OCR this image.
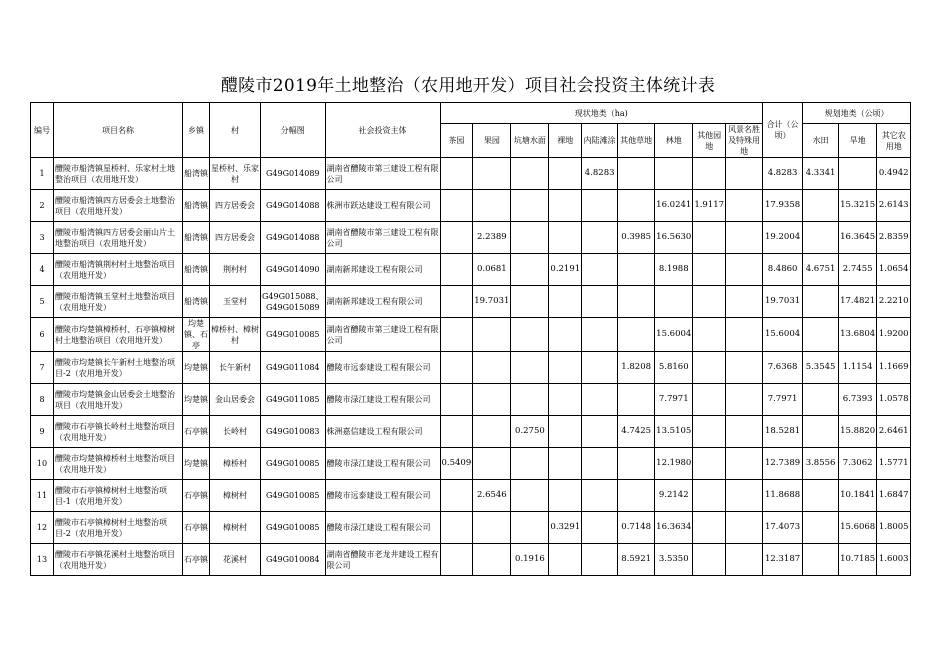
醴陵市2019年土地整治（农用地开发）项目社会投资主体统计表
编号	项目名称	乡镇	村	分幅图	社会投资主体	现状地类（ha)									合计（公顷）	规划地类（公顷）		
						茶园	果园	坑塘水面	裸地	内陆滩涂	其他草地	林地	其他园地	风景名胜及特殊用地		水田	旱地	其它农用地
1	醴陵市船湾镇星桥村、乐家村土地整治项目（农用地开发）	船湾镇	星桥村、乐家村	G49G014089	湖南省醴陵市第三建设工程有限公司					4.8283					4.8283	4.3341		0.4942
2	醴陵市船湾镇四方居委会土地整治项目（农用地开发）	船湾镇	四方居委会	G49G014088	株洲市跃达建设工程有限公司							16.0241	1.9117		17.9358		15.3215	2.6143
3	醴陵市船湾镇四方居委会丽山片土地整治项目（农用地开发）	船湾镇	四方居委会	G49G014088	湖南省醴陵市第三建设工程有限公司		2.2389				0.3985	16.5630			19.2004		16.3645	2.8359
4	醴陵市船湾镇荆村村土地整治项目（农用地开发）	船湾镇	荆村村	G49G014090	湖南新邦建设工程有限公司		0.0681		0.2191			8.1988			8.4860	4.6751	2.7455	1.0654
5	醴陵市船湾镇玉堂村土地整治项目（农用地开发）	船湾镇	玉堂村	G49G015088、G49G015089	湖南新邦建设工程有限公司		19.7031								19.7031		17.4821	2.2210
6	醴陵市均楚镇樟桥村、石亭镇樟树村土地整治项目（农用地开发）	均楚镇、石亭	樟桥村、樟树村	G49G010085	湖南省醴陵市第三建设工程有限公司							15.6004			15.6004		13.6804	1.9200
7	醴陵市均楚镇长午新村土地整治项目-2（农用地开发）	均楚镇	长午新村	G49G011084	醴陵市远泰建设工程有限公司						1.8208	5.8160			7.6368	5.3545	1.1154	1.1669
8	醴陵市均楚镇金山居委会土地整治项目（农用地开发）	均楚镇	金山居委会	G49G011085	醴陵市渌江建设工程有限公司							7.7971			7.7971		6.7393	1.0578
9	醴陵市石亭镇长岭村土地整治项目（农用地开发）	石亭镇	长岭村	G49G010083	株洲嘉信建设工程有限公司			0.2750			4.7425	13.5105			18.5281		15.8820	2.6461
10	醴陵市均楚镇樟桥村土地整治项目（农用地开发）	均楚镇	樟桥村	G49G010085	醴陵市渌江建设工程有限公司	0.5409						12.1980			12.7389	3.8556	7.3062	1.5771
11	醴陵市石亭镇樟树村土地整治项目-1（农用地开发）	石亭镇	樟树村	G49G010085	醴陵市远泰建设工程有限公司		2.6546					9.2142			11.8688		10.1841	1.6847
12	醴陵市石亭镇樟树村土地整治项目-2（农用地开发）	石亭镇	樟树村	G49G010085	醴陵市渌江建设工程有限公司				0.3291		0.7148	16.3634			17.4073		15.6068	1.8005
13	醴陵市石亭镇花溪村土地整治项目（农用地开发）	石亭镇	花溪村	G49G010084	湖南省醴陵市老龙井建设工程有限公司			0.1916			8.5921	3.5350			12.3187		10.7185	1.6003
